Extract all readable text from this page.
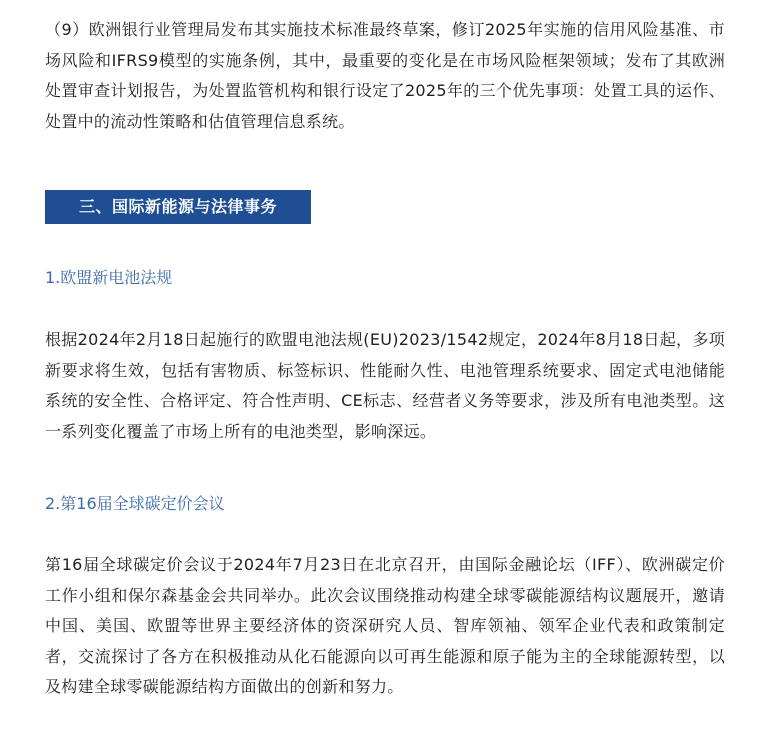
（9）欧洲银行业管理局发布其实施技术标准最终草案，修订2025年实施的信用风险基准、市场风险和IFRS9模型的实施条例，其中，最重要的变化是在市场风险框架领域；发布了其欧洲处置审查计划报告，为处置监管机构和银行设定了2025年的三个优先事项：处置工具的运作、处置中的流动性策略和估值管理信息系统。

三、国际新能源与法律事务

1.欧盟新电池法规

根据2024年2月18日起施行的欧盟电池法规(EU)2023/1542规定，2024年8月18日起，多项新要求将生效，包括有害物质、标签标识、性能耐久性、电池管理系统要求、固定式电池储能系统的安全性、合格评定、符合性声明、CE标志、经营者义务等要求，涉及所有电池类型。这一系列变化覆盖了市场上所有的电池类型，影响深远。

2.第16届全球碳定价会议

第16届全球碳定价会议于2024年7月23日在北京召开，由国际金融论坛（IFF）、欧洲碳定价工作小组和保尔森基金会共同举办。此次会议围绕推动构建全球零碳能源结构议题展开，邀请中国、美国、欧盟等世界主要经济体的资深研究人员、智库领袖、领军企业代表和政策制定者，交流探讨了各方在积极推动从化石能源向以可再生能源和原子能为主的全球能源转型，以及构建全球零碳能源结构方面做出的创新和努力。
